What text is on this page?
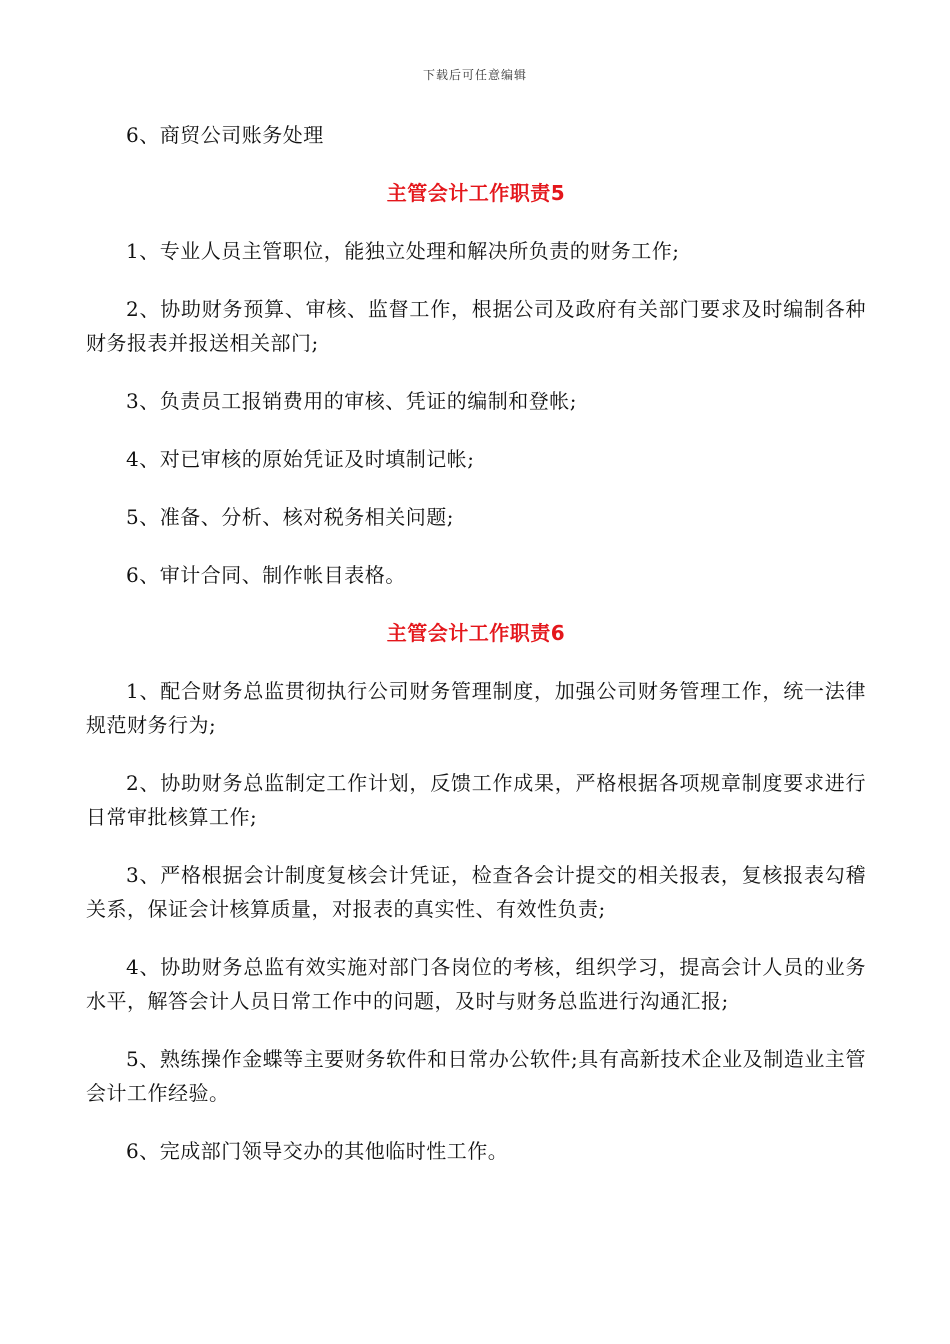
下载后可任意编辑

6、商贸公司账务处理

主管会计工作职责5

1、专业人员主管职位，能独立处理和解决所负责的财务工作;

2、协助财务预算、审核、监督工作，根据公司及政府有关部门要求及时编制各种财务报表并报送相关部门;

3、负责员工报销费用的审核、凭证的编制和登帐;

4、对已审核的原始凭证及时填制记帐;

5、准备、分析、核对税务相关问题;

6、审计合同、制作帐目表格。

主管会计工作职责6

1、配合财务总监贯彻执行公司财务管理制度，加强公司财务管理工作，统一法律规范财务行为;

2、协助财务总监制定工作计划，反馈工作成果，严格根据各项规章制度要求进行日常审批核算工作;

3、严格根据会计制度复核会计凭证，检查各会计提交的相关报表，复核报表勾稽关系，保证会计核算质量，对报表的真实性、有效性负责;

4、协助财务总监有效实施对部门各岗位的考核，组织学习，提高会计人员的业务水平，解答会计人员日常工作中的问题，及时与财务总监进行沟通汇报;

5、熟练操作金蝶等主要财务软件和日常办公软件;具有高新技术企业及制造业主管会计工作经验。

6、完成部门领导交办的其他临时性工作。
